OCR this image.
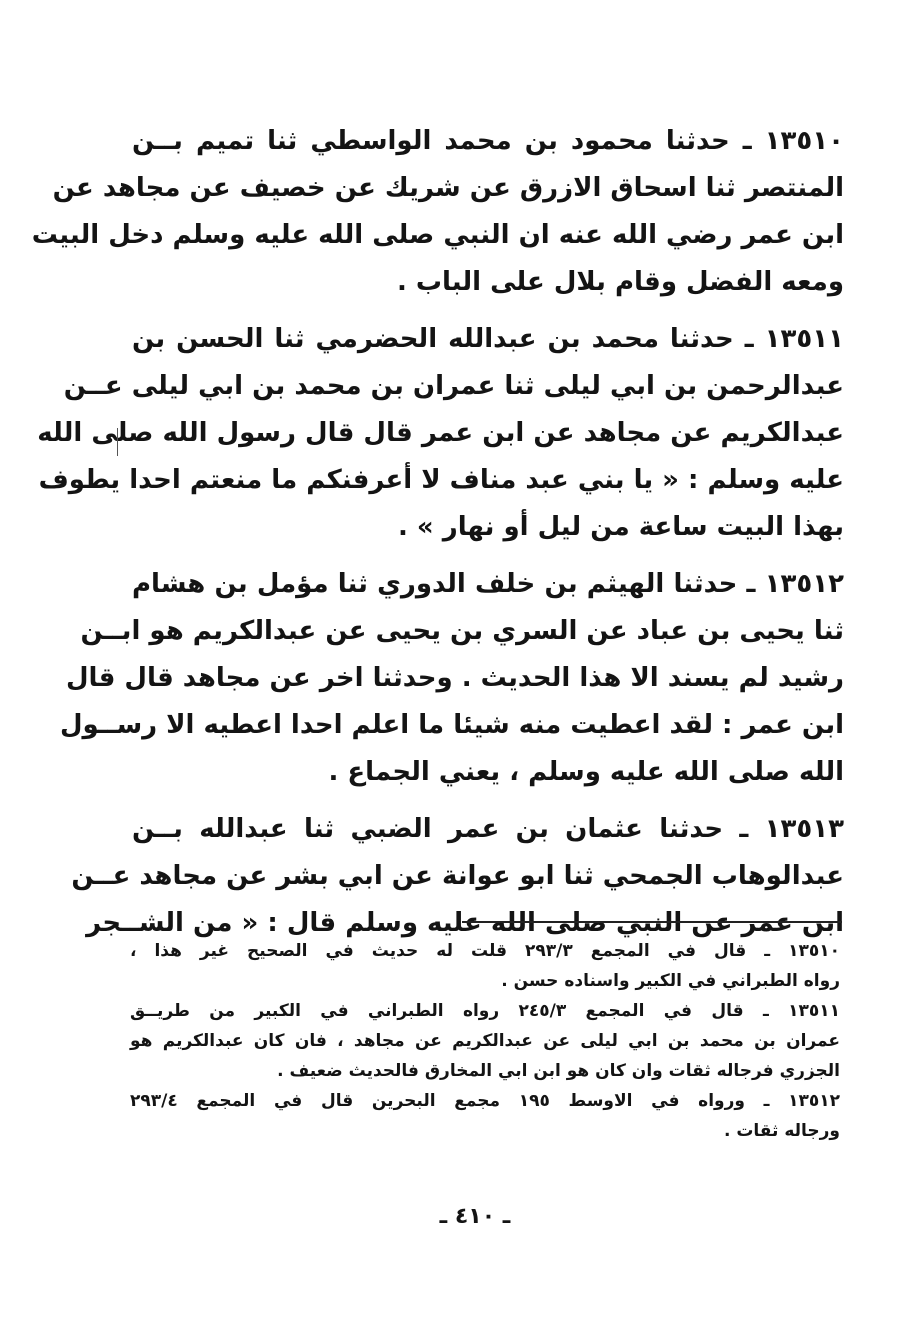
١٣٥١٠ ـ حدثنا محمود بن محمد الواسطي ثنا تميم بــن
المنتصر ثنا اسحاق الازرق عن شريك عن خصيف عن مجاهد عن
ابن عمر رضي الله عنه ان النبي صلى الله عليه وسلم دخل البيت
ومعه الفضل وقام بلال على الباب .
١٣٥١١ ـ حدثنا محمد بن عبدالله الحضرمي ثنا الحسن بن
عبدالرحمن بن ابي ليلى ثنا عمران بن محمد بن ابي ليلى عــن
عبدالكريم عن مجاهد عن ابن عمر قال قال رسول الله صلى الله
عليه وسلم : « يا بني عبد مناف لا أعرفنكم ما منعتم احدا يطوف
بهذا البيت ساعة من ليل أو نهار » .
١٣٥١٢ ـ حدثنا الهيثم بن خلف الدوري ثنا مؤمل بن هشام
ثنا يحيى بن عباد عن السري بن يحيى عن عبدالكريم هو ابــن
رشيد لم يسند الا هذا الحديث . وحدثنا اخر عن مجاهد قال قال
ابن عمر : لقد اعطيت منه شيئا ما اعلم احدا اعطيه الا رســول
الله صلى الله عليه وسلم ، يعني الجماع .
١٣٥١٣ ـ حدثنا عثمان بن عمر الضبي ثنا عبدالله بــن
عبدالوهاب الجمحي ثنا ابو عوانة عن ابي بشر عن مجاهد عــن
ابن عمر عن النبي صلى الله عليه وسلم قال : « من الشــجر
١٣٥١٠ ـ قال في المجمع ٢٩٣/٣ قلت له حديث في الصحيح غير هذا ،
رواه الطبراني في الكبير واسناده حسن .
١٣٥١١ ـ قال في المجمع ٢٤٥/٣ رواه الطبراني في الكبير من طريــق
عمران بن محمد بن ابي ليلى عن عبدالكريم عن مجاهد ، فان كان عبدالكريم هو
الجزري فرجاله ثقات وان كان هو ابن ابي المخارق فالحديث ضعيف .
١٣٥١٢ ـ ورواه في الاوسط ١٩٥ مجمع البحرين قال في المجمع ٢٩٣/٤
ورجاله ثقات .
ـ ٤١٠ ـ
